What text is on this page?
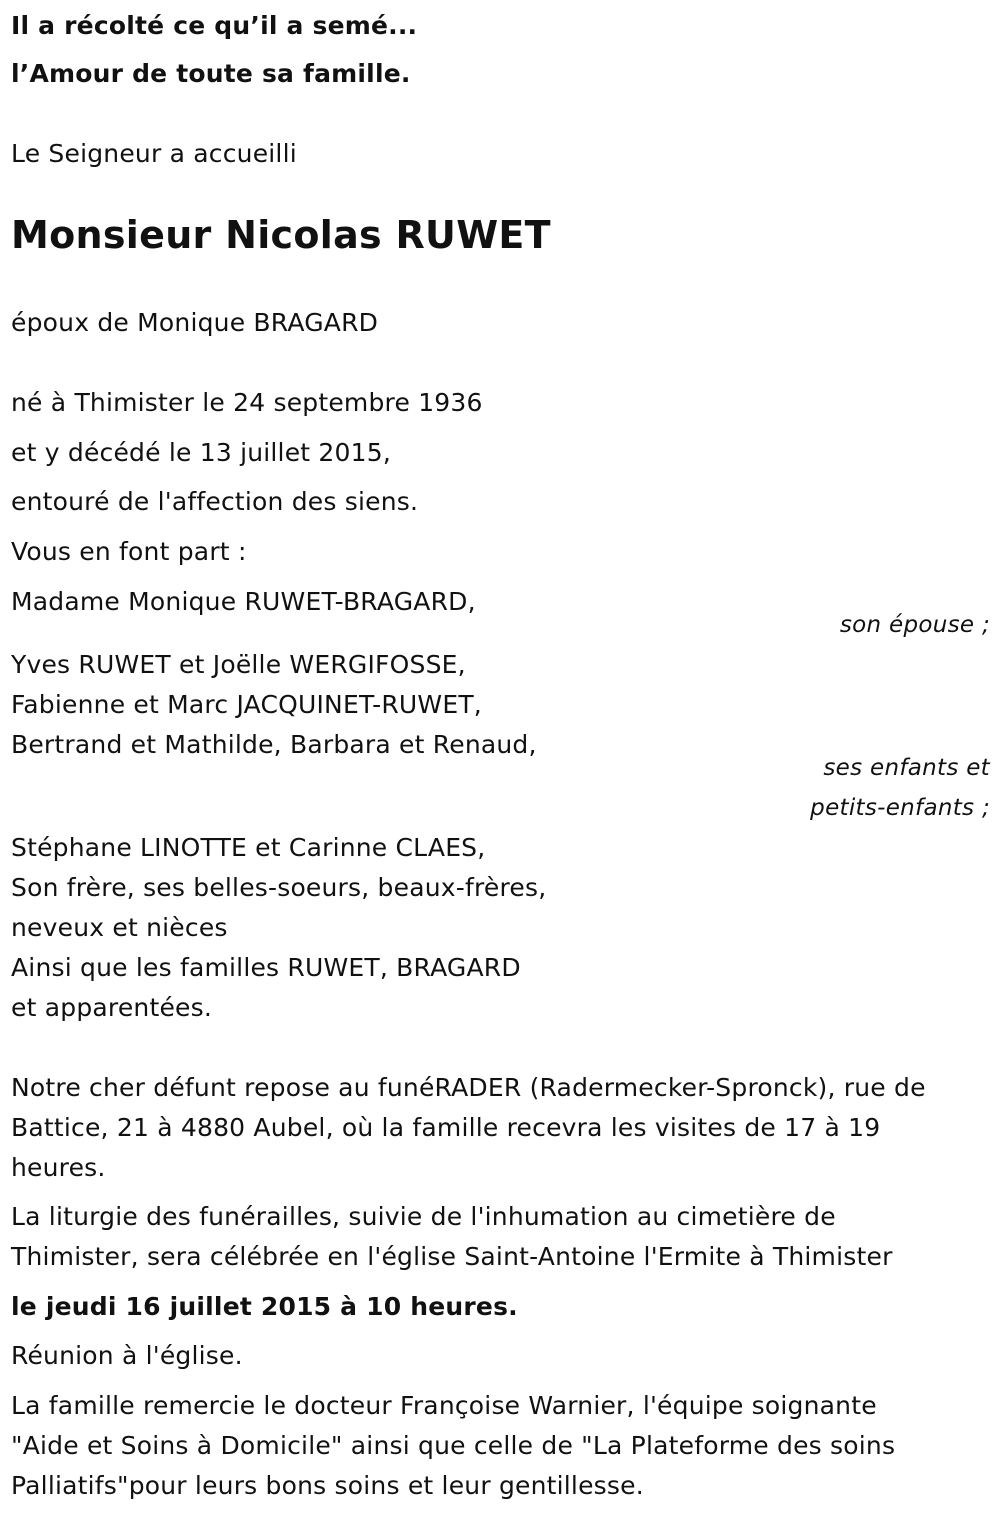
Il a récolté ce qu’il a semé...

l’Amour de toute sa famille.

Le Seigneur a accueilli

Monsieur Nicolas RUWET

époux de Monique BRAGARD

né à Thimister le 24 septembre 1936

et y décédé le 13 juillet 2015,

entouré de l'affection des siens.

Vous en font part :

Madame Monique RUWET-BRAGARD,

son épouse ;

Yves RUWET et Joëlle WERGIFOSSE,

Fabienne et Marc JACQUINET-RUWET,

Bertrand et Mathilde, Barbara et Renaud,

ses enfants et

petits-enfants ;

Stéphane LINOTTE et Carinne CLAES,

Son frère, ses belles-soeurs, beaux-frères,

neveux et nièces

Ainsi que les familles RUWET, BRAGARD

et apparentées.

Notre cher défunt repose au funéRADER (Radermecker-Spronck), rue de

Battice, 21 à 4880 Aubel, où la famille recevra les visites de 17 à 19

heures.

La liturgie des funérailles, suivie de l'inhumation au cimetière de

Thimister, sera célébrée en l'église Saint-Antoine l'Ermite à Thimister

le jeudi 16 juillet 2015 à 10 heures.

Réunion à l'église.

La famille remercie le docteur Françoise Warnier, l'équipe soignante

"Aide et Soins à Domicile" ainsi que celle de "La Plateforme des soins

Palliatifs"pour leurs bons soins et leur gentillesse.
